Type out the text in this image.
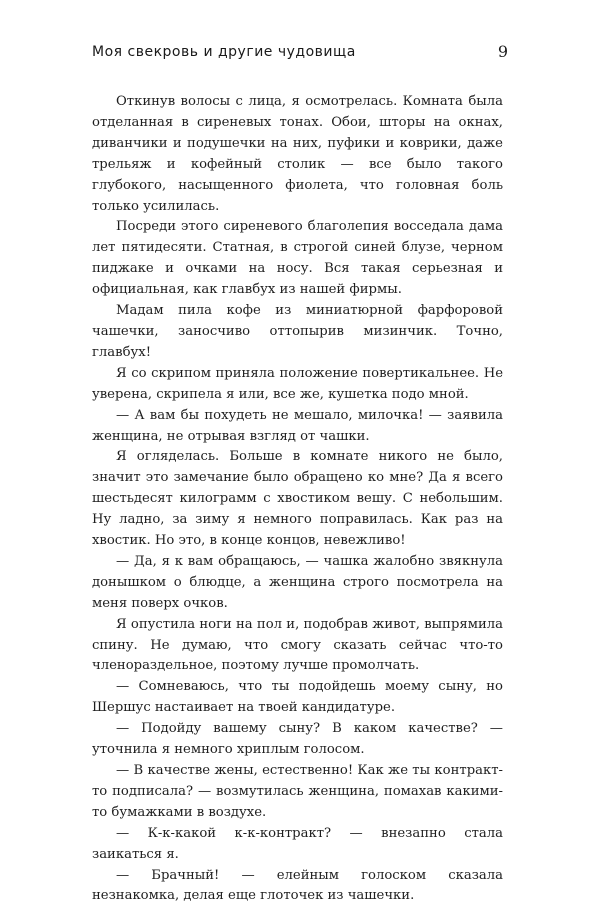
Моя свекровь и другие чудовища	9

Откинув волосы с лица, я осмотрелась. Комната была отделанная в сиреневых тонах. Обои, шторы на окнах, диванчики и подушечки на них, пуфики и коврики, даже трельяж и кофейный столик — все было такого глубокого, насыщенного фиолета, что головная боль только усилилась.

Посреди этого сиреневого благолепия восседала дама лет пятидесяти. Статная, в строгой синей блузе, черном пиджаке и очками на носу. Вся такая серьезная и официальная, как главбух из нашей фирмы.

Мадам пила кофе из миниатюрной фарфоровой чашечки, заносчиво оттопырив мизинчик. Точно, главбух!

Я со скрипом приняла положение повертикальнее. Не уверена, скрипела я или, все же, кушетка подо мной.

— А вам бы похудеть не мешало, милочка! — заявила женщина, не отрывая взгляд от чашки.

Я огляделась. Больше в комнате никого не было, значит это замечание было обращено ко мне? Да я всего шестьдесят килограмм с хвостиком вешу. С небольшим. Ну ладно, за зиму я немного поправилась. Как раз на хвостик. Но это, в конце концов, невежливо!

— Да, я к вам обращаюсь, — чашка жалобно звякнула донышком о блюдце, а женщина строго посмотрела на меня поверх очков.

Я опустила ноги на пол и, подобрав живот, выпрямила спину. Не думаю, что смогу сказать сейчас что-то членораздельное, поэтому лучше промолчать.

— Сомневаюсь, что ты подойдешь моему сыну, но Шершус настаивает на твоей кандидатуре.

— Подойду вашему сыну? В каком качестве? — уточнила я немного хриплым голосом.

— В качестве жены, естественно! Как же ты контракт-то подписала? — возмутилась женщина, помахав какими-то бумажками в воздухе.

— К-к-какой к-к-контракт? — внезапно стала заикаться я.

— Брачный! — елейным голоском сказала незнакомка, делая еще глоточек из чашечки.
